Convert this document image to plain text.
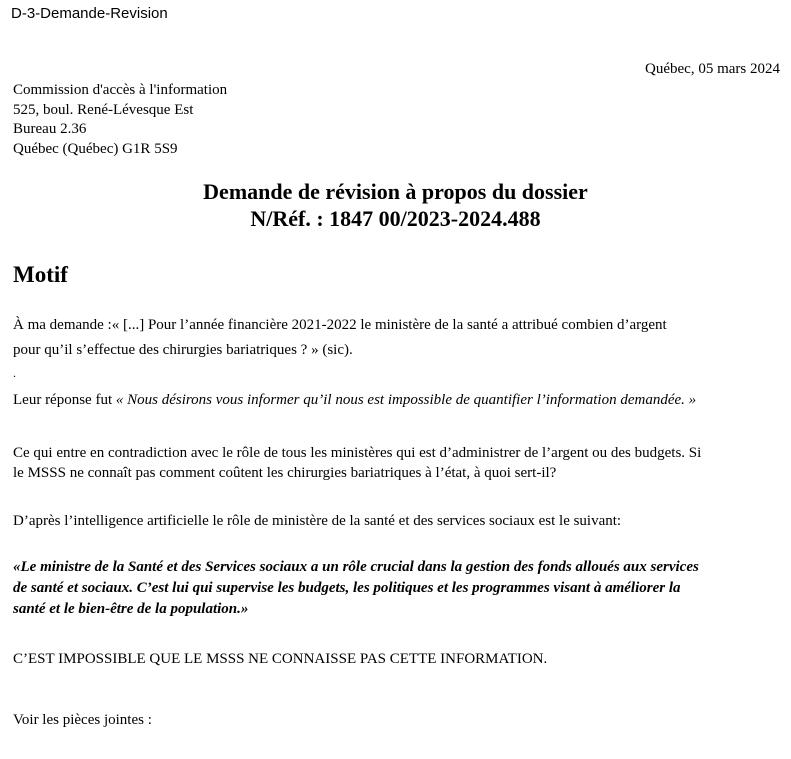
D-3-Demande-Revision
Québec, 05 mars 2024
Commission d'accès à l'information
525, boul. René-Lévesque Est
Bureau 2.36
Québec (Québec) G1R 5S9
Demande de révision à propos du dossier
N/Réf. : 1847 00/2023-2024.488
Motif
À ma demande :« [...] Pour l’année financière 2021-2022 le ministère de la santé a attribué combien d’argent
pour qu’il s’effectue des chirurgies bariatriques ? » (sic).
.
Leur réponse fut « Nous désirons vous informer qu’il nous est impossible de quantifier l’information demandée. »
Ce qui entre en contradiction avec le rôle de tous les ministères qui est d’administrer de l’argent ou des budgets. Si
le MSSS ne connaît pas comment coûtent les chirurgies bariatriques à l’état, à quoi sert-il?
D’après l’intelligence artificielle le rôle de ministère de la santé et des services sociaux est le suivant:
«Le ministre de la Santé et des Services sociaux a un rôle crucial dans la gestion des fonds alloués aux services
de santé et sociaux. C’est lui qui supervise les budgets, les politiques et les programmes visant à améliorer la
santé et le bien-être de la population.»
C’EST IMPOSSIBLE QUE LE MSSS NE CONNAISSE PAS CETTE INFORMATION.
Voir les pièces jointes :
